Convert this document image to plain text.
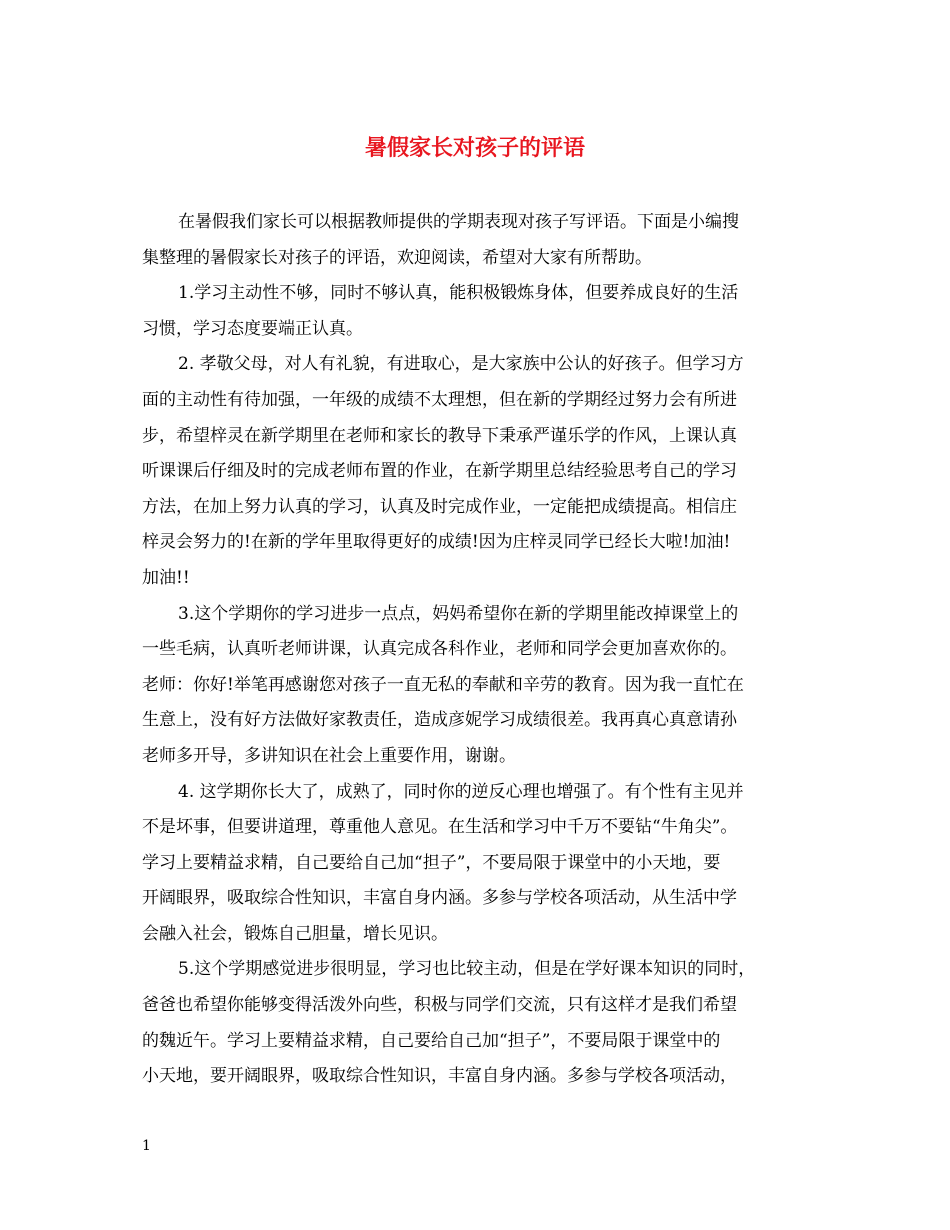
暑假家长对孩子的评语
在暑假我们家长可以根据教师提供的学期表现对孩子写评语。下面是小编搜
集整理的暑假家长对孩子的评语，欢迎阅读，希望对大家有所帮助。
1.学习主动性不够，同时不够认真，能积极锻炼身体，但要养成良好的生活
习惯，学习态度要端正认真。
2. 孝敬父母，对人有礼貌，有进取心，是大家族中公认的好孩子。但学习方
面的主动性有待加强，一年级的成绩不太理想，但在新的学期经过努力会有所进
步，希望梓灵在新学期里在老师和家长的教导下秉承严谨乐学的作风，上课认真
听课课后仔细及时的完成老师布置的作业，在新学期里总结经验思考自己的学习
方法，在加上努力认真的学习，认真及时完成作业，一定能把成绩提高。相信庄
梓灵会努力的!在新的学年里取得更好的成绩!因为庄梓灵同学已经长大啦!加油!
加油!!
3.这个学期你的学习进步一点点，妈妈希望你在新的学期里能改掉课堂上的
一些毛病，认真听老师讲课，认真完成各科作业，老师和同学会更加喜欢你的。
老师：你好!举笔再感谢您对孩子一直无私的奉献和辛劳的教育。因为我一直忙在
生意上，没有好方法做好家教责任，造成彦妮学习成绩很差。我再真心真意请孙
老师多开导，多讲知识在社会上重要作用，谢谢。
4. 这学期你长大了，成熟了，同时你的逆反心理也增强了。有个性有主见并
不是坏事，但要讲道理，尊重他人意见。在生活和学习中千万不要钻“牛角尖”。
学习上要精益求精，自己要给自己加“担子”，不要局限于课堂中的小天地，要
开阔眼界，吸取综合性知识，丰富自身内涵。多参与学校各项活动，从生活中学
会融入社会，锻炼自己胆量，增长见识。
5.这个学期感觉进步很明显，学习也比较主动，但是在学好课本知识的同时，
爸爸也希望你能够变得活泼外向些，积极与同学们交流，只有这样才是我们希望
的魏近午。学习上要精益求精，自己要给自己加“担子”，不要局限于课堂中的
小天地，要开阔眼界，吸取综合性知识，丰富自身内涵。多参与学校各项活动，
1
